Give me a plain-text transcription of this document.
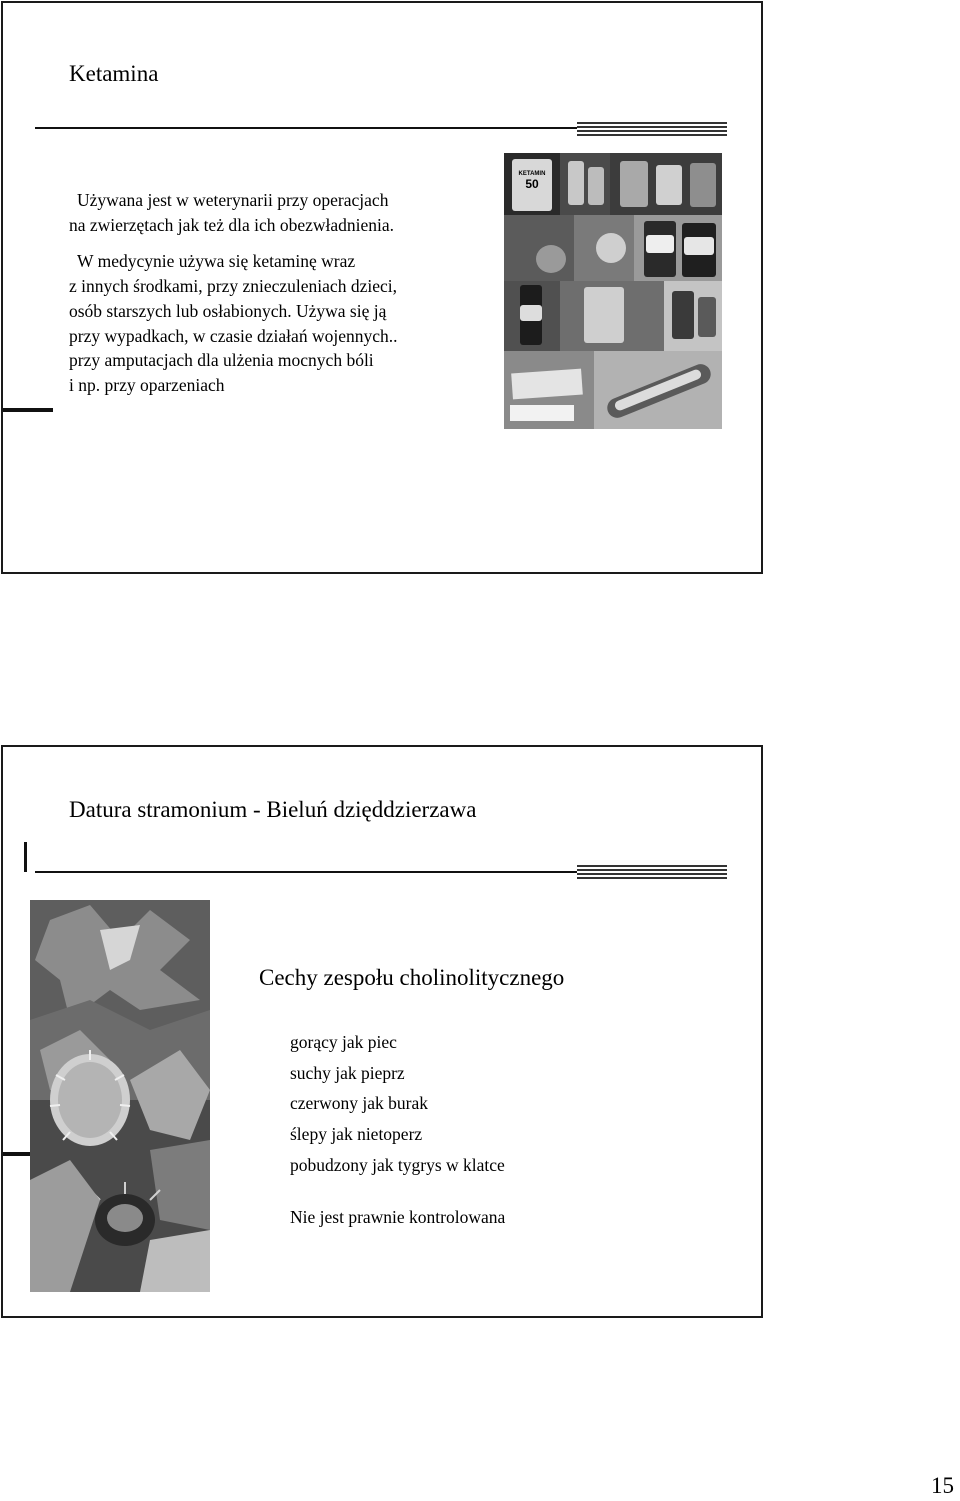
Ketamina

Używana jest w weterynarii przy operacjach

na zwierzętach jak też dla ich obezwładnienia.

W medycynie używa się ketaminę wraz

z innych środkami, przy znieczuleniach dzieci,

osób starszych lub osłabionych. Używa się ją

przy wypadkach, w czasie działań wojennych..

przy amputacjach dla ulżenia mocnych bóli

i np. przy oparzeniach

KETAMIN
50
Datura stramonium - Bieluń dzięddzierzawa
Cechy zespołu cholinolitycznego
gorący jak piec
suchy jak pieprz
czerwony jak burak
ślepy jak nietoperz
pobudzony jak tygrys w klatce
Nie jest prawnie kontrolowana
15
